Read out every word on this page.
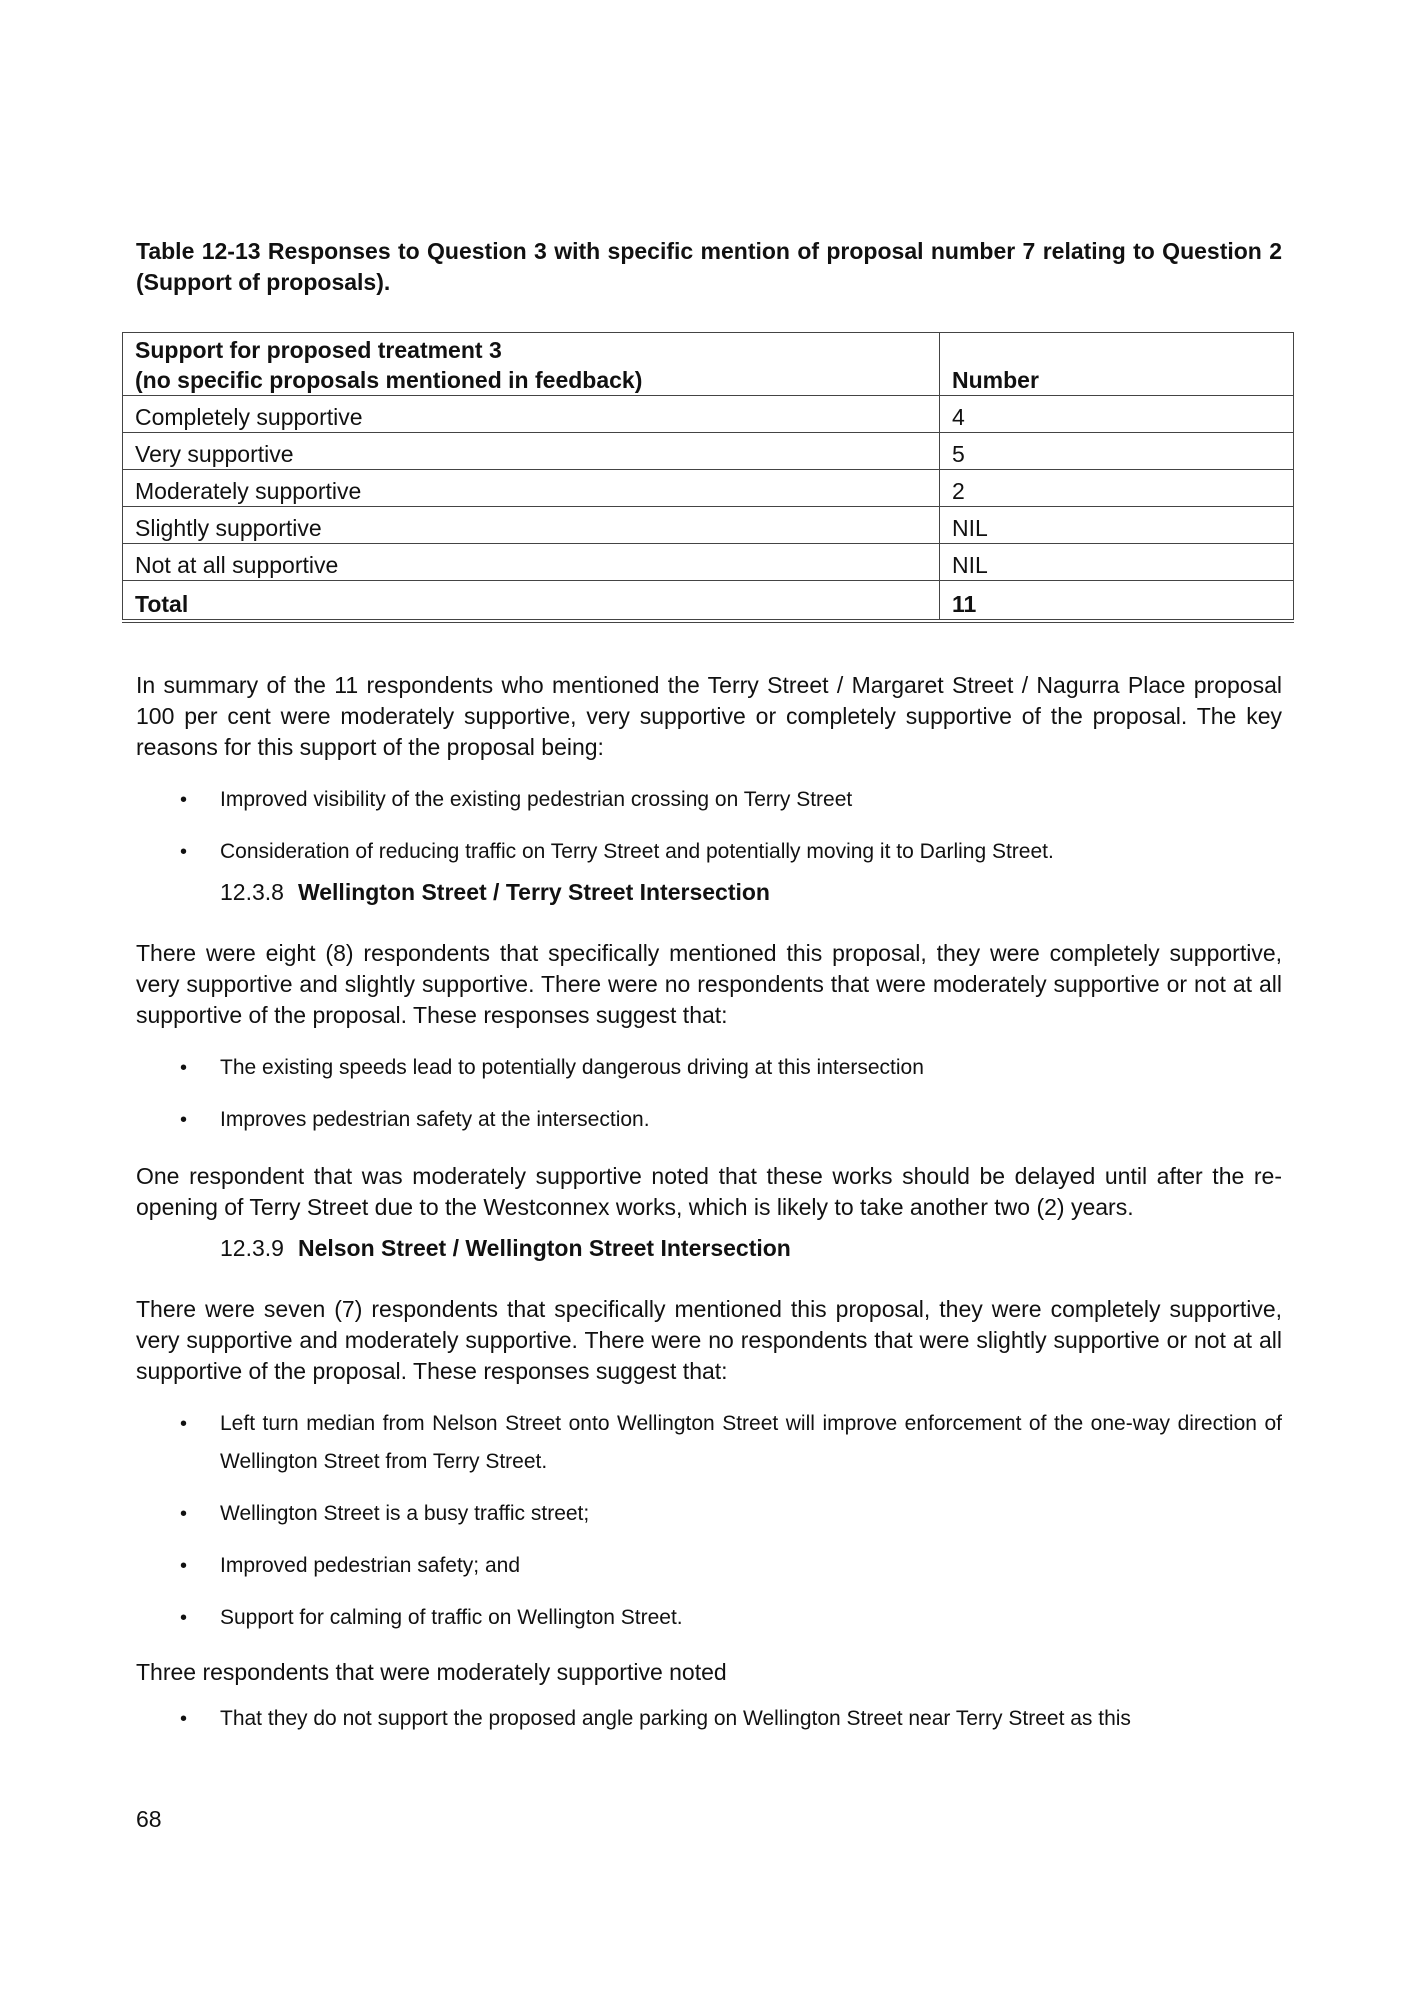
Table 12-13 Responses to Question 3 with specific mention of proposal number 7 relating to Question 2 (Support of proposals).
Support for proposed treatment 3
(no specific proposals mentioned in feedback)	Number
Completely supportive	4
Very supportive	5
Moderately supportive	2
Slightly supportive	NIL
Not at all supportive	NIL
Total	11

In summary of the 11 respondents who mentioned the Terry Street / Margaret Street / Nagurra Place proposal 100 per cent were moderately supportive, very supportive or completely supportive of the proposal. The key reasons for this support of the proposal being:

• Improved visibility of the existing pedestrian crossing on Terry Street
• Consideration of reducing traffic on Terry Street and potentially moving it to Darling Street.
12.3.8 Wellington Street / Terry Street Intersection

There were eight (8) respondents that specifically mentioned this proposal, they were completely supportive, very supportive and slightly supportive. There were no respondents that were moderately supportive or not at all supportive of the proposal. These responses suggest that:

• The existing speeds lead to potentially dangerous driving at this intersection
• Improves pedestrian safety at the intersection.

One respondent that was moderately supportive noted that these works should be delayed until after the re-opening of Terry Street due to the Westconnex works, which is likely to take another two (2) years.

12.3.9 Nelson Street / Wellington Street Intersection

There were seven (7) respondents that specifically mentioned this proposal, they were completely supportive, very supportive and moderately supportive. There were no respondents that were slightly supportive or not at all supportive of the proposal. These responses suggest that:

• Left turn median from Nelson Street onto Wellington Street will improve enforcement of the one-way direction of Wellington Street from Terry Street.
• Wellington Street is a busy traffic street;
• Improved pedestrian safety; and
• Support for calming of traffic on Wellington Street.

Three respondents that were moderately supportive noted

• That they do not support the proposed angle parking on Wellington Street near Terry Street as this
68
